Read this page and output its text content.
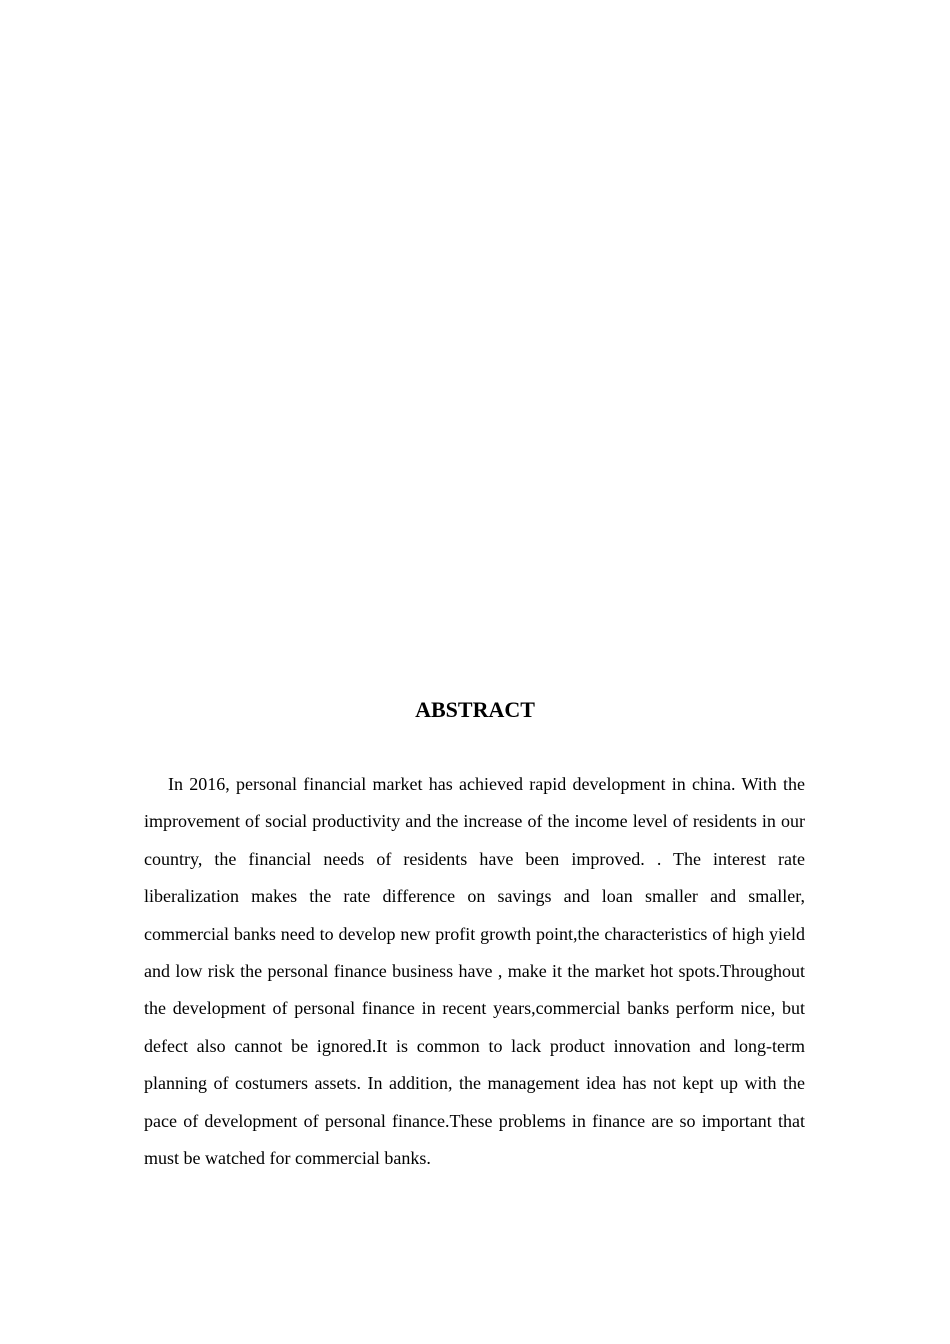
ABSTRACT

In 2016, personal financial market has achieved rapid development in china. With the improvement of social productivity and the increase of the income level of residents in our country, the financial needs of residents have been improved. . The interest rate liberalization makes the rate difference on savings and loan smaller and smaller, commercial banks need to develop new profit growth point,the characteristics of high yield and low risk the personal finance business have , make it the market hot spots.Throughout the development of personal finance in recent years,commercial banks perform nice, but defect also cannot be ignored.It is common to lack product innovation and long-term planning of costumers assets. In addition, the management idea has not kept up with the pace of development of personal finance.These problems in finance are so important that must be watched for commercial banks.
